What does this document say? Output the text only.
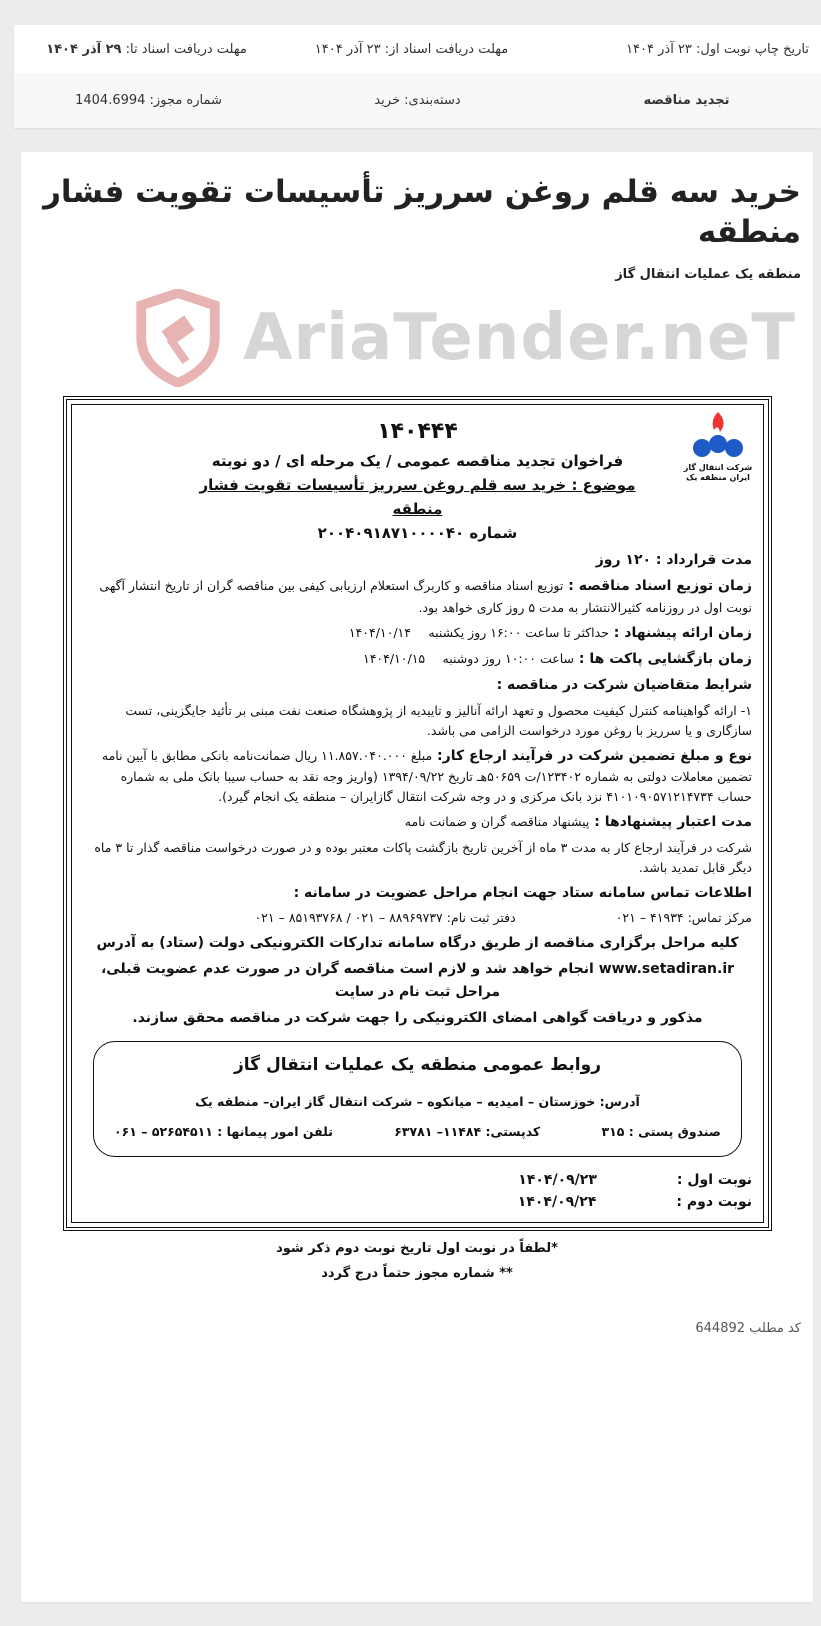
تاریخ چاپ نوبت اول: ۲۳ آذر ۱۴۰۴
مهلت دریافت اسناد از: ۲۳ آذر ۱۴۰۴
مهلت دریافت اسناد تا: ۲۹ آذر ۱۴۰۴
تجدید مناقصه
دسته‌بندی: خرید
شماره مجوز: 1404.6994
خرید سه قلم روغن سرریز تأسیسات تقویت فشار منطقه
منطقه یک عملیات انتقال گاز
AriaTender.neT
شرکت انتقال گاز ایران منطقه یک
۱۴۰۴۴۴
فراخوان تجدید مناقصه عمومی / یک مرحله ای / دو نوبته
موضوع : خرید سه قلم روغن سرریز تأسیسات تقویت فشار منطقه
شماره ۲۰۰۴۰۹۱۸۷۱۰۰۰۰۴۰

مدت قرارداد : ۱۲۰ روز

زمان توزیع اسناد مناقصه : توزیع اسناد مناقصه و کاربرگ استعلام ارزیابی کیفی بین مناقصه گران از تاریخ انتشار آگهی نوبت اول در روزنامه کثیرالانتشار به مدت ۵ روز کاری خواهد بود.

زمان ارائه پیشنهاد : حداکثر تا ساعت ۱۶:۰۰ روز یکشنبه    ۱۴۰۴/۱۰/۱۴

زمان بازگشایی پاکت ها : ساعت ۱۰:۰۰ روز دوشنبه    ۱۴۰۴/۱۰/۱۵

شرایط متقاضیان شرکت در مناقصه :

۱- ارائه گواهینامه کنترل کیفیت محصول و تعهد ارائه آنالیز و تاییدیه از پژوهشگاه صنعت نفت مبنی بر تأئید جایگزینی، تست سازگاری و یا سرریز با روغن مورد درخواست الزامی می باشد.

نوع و مبلغ تضمین شرکت در فرآیند ارجاع کار: مبلغ ۱۱.۸۵۷.۰۴۰.۰۰۰ ریال ضمانت‌نامه بانکی مطابق با آیین نامه تضمین معاملات دولتی به شماره ۱۲۳۴۰۲/ت ۵۰۶۵۹هـ تاریخ ۱۳۹۴/۰۹/۲۲ (واریز وجه نقد به حساب سیبا بانک ملی به شماره حساب ۴۱۰۱۰۹۰۵۷۱۲۱۴۷۳۴ نزد بانک مرکزی و در وجه شرکت انتقال گازایران – منطقه یک انجام گیرد).

مدت اعتبار پیشنهادها : پیشنهاد مناقصه گران و ضمانت نامه

شرکت در فرآیند ارجاع کار به مدت ۳ ماه از آخرین تاریخ بازگشت پاکات معتبر بوده و در صورت درخواست مناقصه گذار تا ۳ ماه دیگر قابل تمدید باشد.

اطلاعات تماس سامانه ستاد جهت انجام مراحل عضویت در سامانه :

مرکز تماس: ۴۱۹۳۴ – ۰۲۱
دفتر ثبت نام: ۸۸۹۶۹۷۳۷ – ۰۲۱ / ۸۵۱۹۳۷۶۸ – ۰۲۱

کلیه مراحل برگزاری مناقصه از طریق درگاه سامانه تدارکات الکترونیکی دولت (ستاد) به آدرس

www.setadiran.ir انجام خواهد شد و لازم است مناقصه گران در صورت عدم عضویت قبلی، مراحل ثبت نام در سایت

مذکور و دریافت گواهی امضای الکترونیکی را جهت شرکت در مناقصه محقق سازند.

روابط عمومی منطقه یک عملیات انتقال گاز

آدرس: خوزستان – امیدیه – میانکوه – شرکت انتقال گاز ایران– منطقه یک

صندوق پستی : ۳۱۵
کدپستی: ۱۱۴۸۴– ۶۳۷۸۱
تلفن امور پیمانها : ۵۲۶۵۴۵۱۱ – ۰۶۱

نوبت اول :
۱۴۰۴/۰۹/۲۳
نوبت دوم :
۱۴۰۴/۰۹/۲۴
*لطفاً در نوبت اول تاریخ نوبت دوم ذکر شود
** شماره مجوز حتماً درج گردد
کد مطلب 644892
